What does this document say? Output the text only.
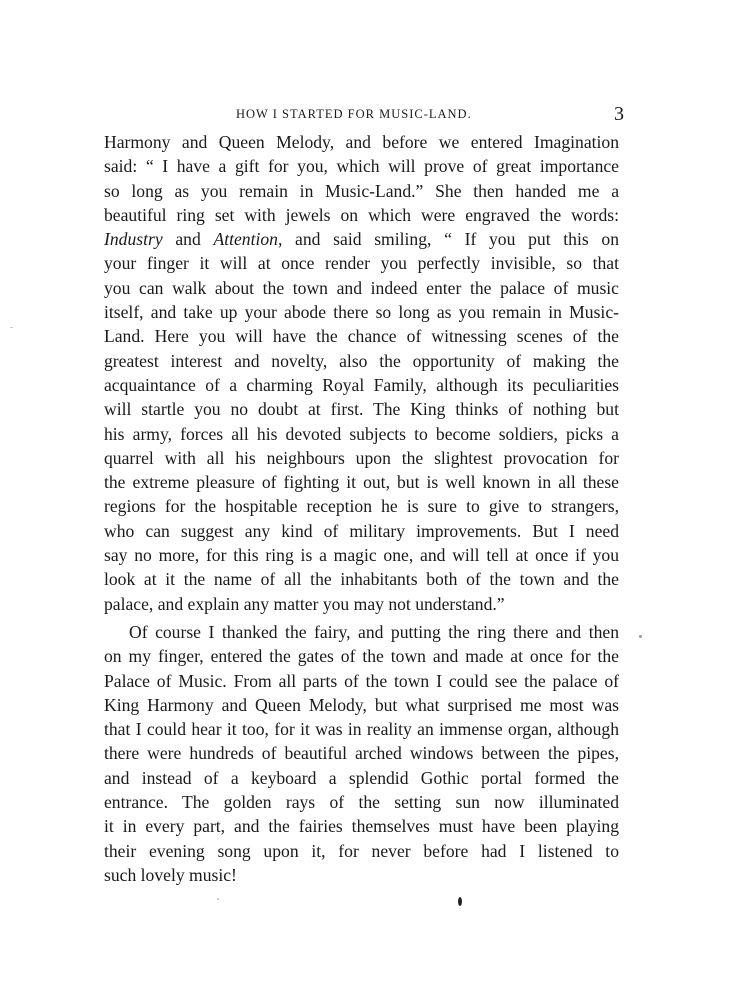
HOW I STARTED FOR MUSIC-LAND.	3
Harmony and Queen Melody, and before we entered Imagination
said: “ I have a gift for you, which will prove of great importance
so long as you remain in Music-Land.” She then handed me a
beautiful ring set with jewels on which were engraved the words:
Industry and Attention, and said smiling, “ If you put this on
your finger it will at once render you perfectly invisible, so that
you can walk about the town and indeed enter the palace of music
itself, and take up your abode there so long as you remain in Music-
Land. Here you will have the chance of witnessing scenes of the
greatest interest and novelty, also the opportunity of making the
acquaintance of a charming Royal Family, although its peculiarities
will startle you no doubt at first. The King thinks of nothing but
his army, forces all his devoted subjects to become soldiers, picks a
quarrel with all his neighbours upon the slightest provocation for
the extreme pleasure of fighting it out, but is well known in all these
regions for the hospitable reception he is sure to give to strangers,
who can suggest any kind of military improvements. But I need
say no more, for this ring is a magic one, and will tell at once if you
look at it the name of all the inhabitants both of the town and the
palace, and explain any matter you may not understand.”
Of course I thanked the fairy, and putting the ring there and then
on my finger, entered the gates of the town and made at once for the
Palace of Music. From all parts of the town I could see the palace of
King Harmony and Queen Melody, but what surprised me most was
that I could hear it too, for it was in reality an immense organ, although
there were hundreds of beautiful arched windows between the pipes,
and instead of a keyboard a splendid Gothic portal formed the
entrance. The golden rays of the setting sun now illuminated
it in every part, and the fairies themselves must have been playing
their evening song upon it, for never before had I listened to
such lovely music!
